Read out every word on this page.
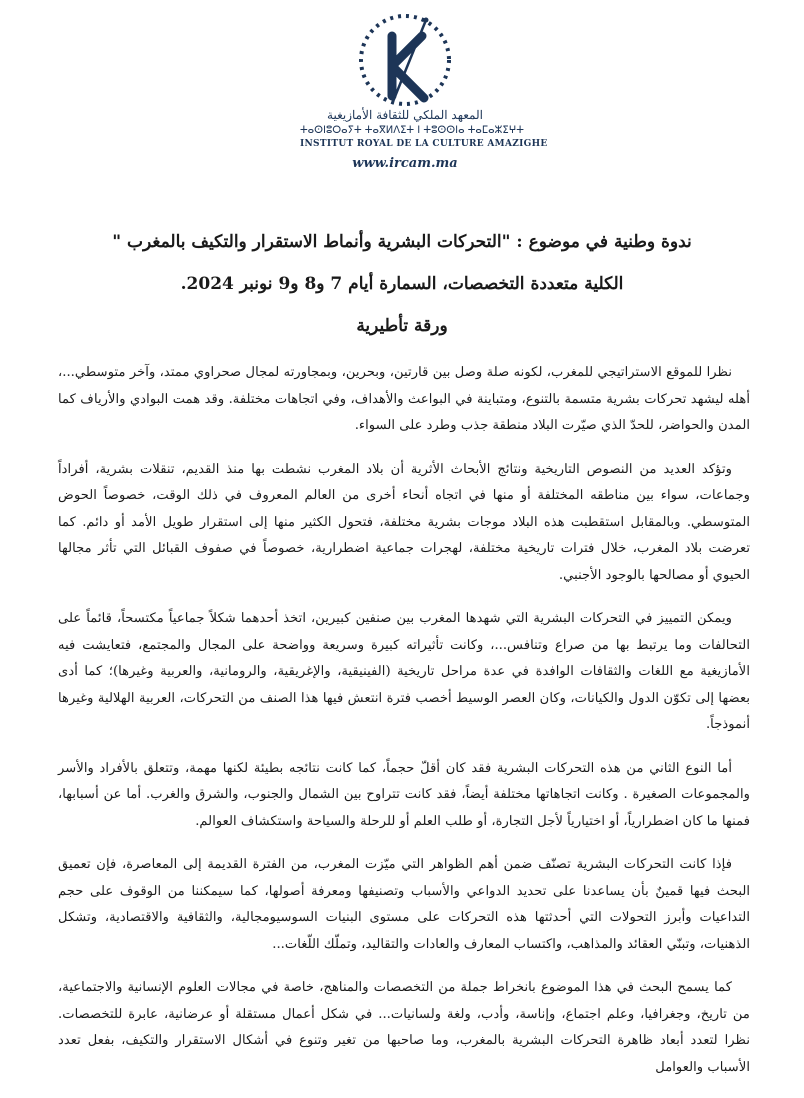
المعهد الملكي للثقافة الأمازيغية
ⵜⴰⵙⵏⵓⵔⴰⵢⵜ ⵜⴰⴳⵍⴷⵉⵜ ⵏ ⵜⵓⵙⵙⵏⴰ ⵜⴰⵎⴰⵣⵉⵖⵜ
INSTITUT ROYAL DE LA CULTURE AMAZIGHE
www.ircam.ma
ندوة وطنية في موضوع : "التحركات البشرية وأنماط الاستقرار والتكيف بالمغرب "
الكلية متعددة التخصصات، السمارة أيام 7 و8 و9 نونبر 2024.
ورقة تأطيرية

نظرا للموقع الاستراتيجي للمغرب، لكونه صلة وصل بين قارتين، وبحرين، وبمجاورته لمجال صحراوي ممتد، وآخر متوسطي...، أهله ليشهد تحركات بشرية متسمة بالتنوع، ومتباينة في البواعث والأهداف، وفي اتجاهات مختلفة. وقد همت البوادي والأرياف كما المدن والحواضر، للحدّ الذي صيّرت البلاد منطقة جذب وطرد على السواء.

وتؤكد العديد من النصوص التاريخية ونتائج الأبحاث الأثرية أن بلاد المغرب نشطت بها منذ القديم، تنقلات بشرية، أفراداً وجماعات، سواء بين مناطقه المختلفة أو منها في اتجاه أنحاء أخرى من العالم المعروف في ذلك الوقت، خصوصاً الحوض المتوسطي. وبالمقابل استقطبت هذه البلاد موجات بشرية مختلفة، فتحول الكثير منها إلى استقرار طويل الأمد أو دائم. كما تعرضت بلاد المغرب، خلال فترات تاريخية مختلفة، لهجرات جماعية اضطرارية، خصوصاً في صفوف القبائل التي تأثر مجالها الحيوي أو مصالحها بالوجود الأجنبي.

ويمكن التمييز في التحركات البشرية التي شهدها المغرب بين صنفين كبيرين، اتخذ أحدهما شكلاً جماعياً مكتسحاً، قائماً على التحالفات وما يرتبط بها من صراع وتنافس...، وكانت تأثيراته كبيرة وسريعة وواضحة على المجال والمجتمع، فتعايشت فيه الأمازيغية مع اللغات والثقافات الوافدة في عدة مراحل تاريخية (الفينيقية، والإغريقية، والرومانية، والعربية وغيرها)؛ كما أدى بعضها إلى تكوّن الدول والكيانات، وكان العصر الوسيط أخصب فترة انتعش فيها هذا الصنف من التحركات، العربية الهلالية وغيرها أنموذجاً.

أما النوع الثاني من هذه التحركات البشرية فقد كان أقلّ حجماً، كما كانت نتائجه بطيئة لكنها مهمة، وتتعلق بالأفراد والأسر والمجموعات الصغيرة . وكانت اتجاهاتها مختلفة أيضاً، فقد كانت تتراوح بين الشمال والجنوب، والشرق والغرب. أما عن أسبابها، فمنها ما كان اضطرارياً، أو اختيارياً لأجل التجارة، أو طلب العلم أو للرحلة والسياحة واستكشاف العوالم.

فإذا كانت التحركات البشرية تصنّف ضمن أهم الظواهر التي ميّزت المغرب، من الفترة القديمة إلى المعاصرة، فإن تعميق البحث فيها قمينٌ بأن يساعدنا على تحديد الدواعي والأسباب وتصنيفها ومعرفة أصولها، كما سيمكننا من الوقوف على حجم التداعيات وأبرز التحولات التي أحدثتها هذه التحركات على مستوى البنيات السوسيومجالية، والثقافية والاقتصادية، وتشكل الذهنيات، وتبنّي العقائد والمذاهب، واكتساب المعارف والعادات والتقاليد، وتملّك اللّغات...

كما يسمح البحث في هذا الموضوع بانخراط جملة من التخصصات والمناهج، خاصة في مجالات العلوم الإنسانية والاجتماعية، من تاريخ، وجغرافيا، وعلم اجتماع، وإناسة، وأدب، ولغة ولسانيات... في شكل أعمال مستقلة أو عرضانية، عابرة للتخصصات. نظرا لتعدد أبعاد ظاهرة التحركات البشرية بالمغرب، وما صاحبها من تغير وتنوع في أشكال الاستقرار والتكيف، بفعل تعدد الأسباب والعوامل
